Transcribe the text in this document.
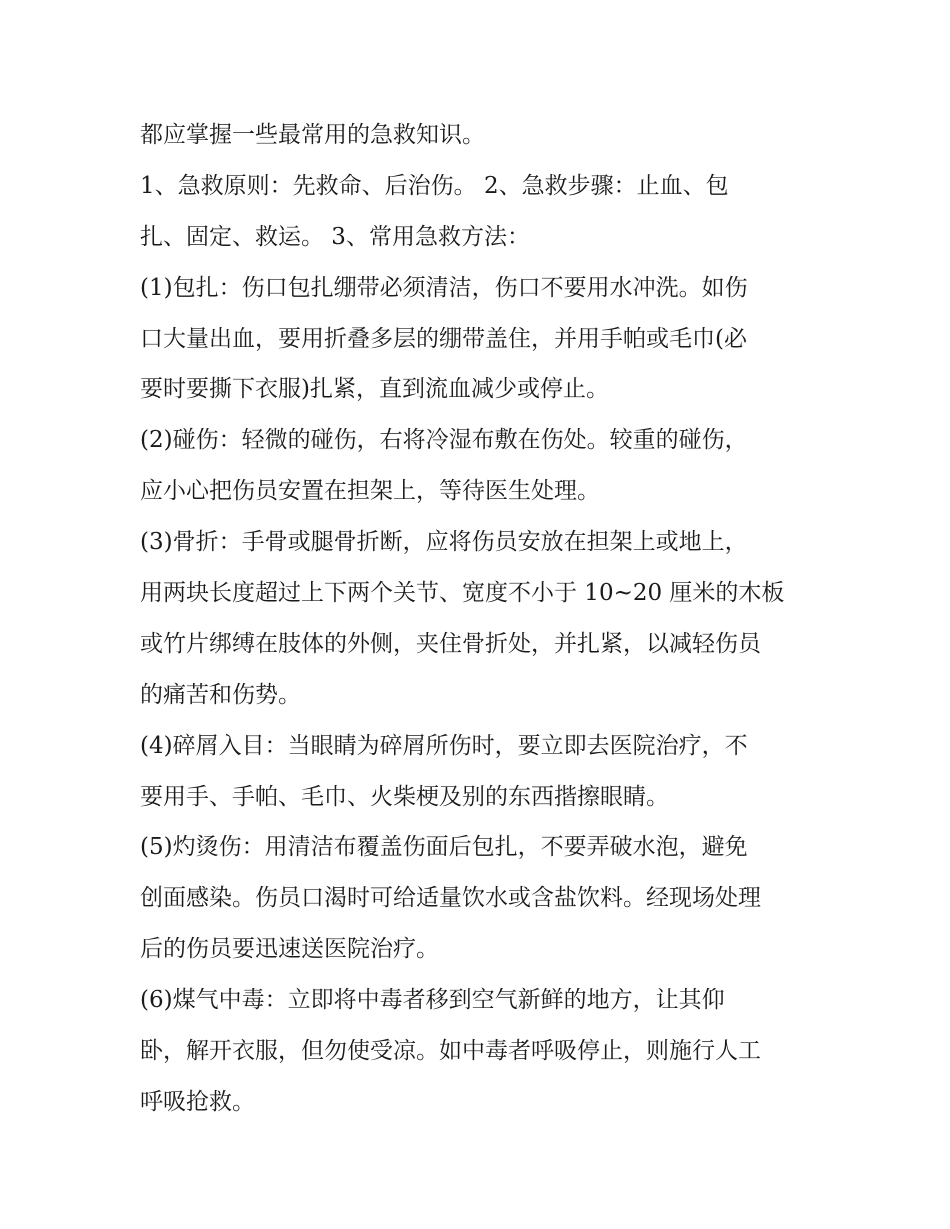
都应掌握一些最常用的急救知识。
1、急救原则：先救命、后治伤。 2、急救步骤：止血、包
扎、固定、救运。 3、常用急救方法：
(1)包扎：伤口包扎绷带必须清洁，伤口不要用水冲洗。如伤
口大量出血，要用折叠多层的绷带盖住，并用手帕或毛巾(必
要时要撕下衣服)扎紧，直到流血减少或停止。
(2)碰伤：轻微的碰伤，右将冷湿布敷在伤处。较重的碰伤，
应小心把伤员安置在担架上，等待医生处理。
(3)骨折：手骨或腿骨折断，应将伤员安放在担架上或地上，
用两块长度超过上下两个关节、宽度不小于 10~20 厘米的木板
或竹片绑缚在肢体的外侧，夹住骨折处，并扎紧，以减轻伤员
的痛苦和伤势。
(4)碎屑入目：当眼睛为碎屑所伤时，要立即去医院治疗，不
要用手、手帕、毛巾、火柴梗及别的东西揩擦眼睛。
(5)灼烫伤：用清洁布覆盖伤面后包扎，不要弄破水泡，避免
创面感染。伤员口渴时可给适量饮水或含盐饮料。经现场处理
后的伤员要迅速送医院治疗。
(6)煤气中毒：立即将中毒者移到空气新鲜的地方，让其仰
卧，解开衣服，但勿使受凉。如中毒者呼吸停止，则施行人工
呼吸抢救。
